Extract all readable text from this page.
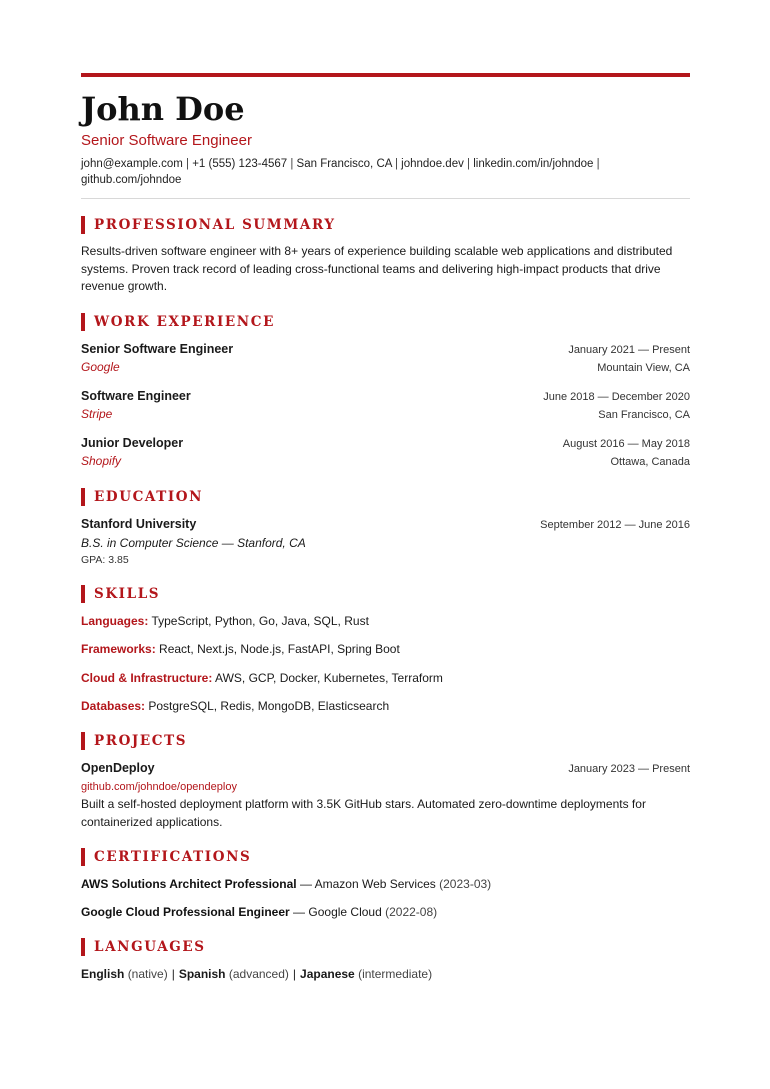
John Doe
Senior Software Engineer
john@example.com | +1 (555) 123-4567 | San Francisco, CA | johndoe.dev | linkedin.com/in/johndoe |
github.com/johndoe
PROFESSIONAL SUMMARY
Results-driven software engineer with 8+ years of experience building scalable web applications and distributed systems. Proven track record of leading cross-functional teams and delivering high-impact products that drive revenue growth.
WORK EXPERIENCE
Senior Software Engineer	January 2021 — Present
Google	Mountain View, CA
Software Engineer	June 2018 — December 2020
Stripe	San Francisco, CA
Junior Developer	August 2016 — May 2018
Shopify	Ottawa, Canada
EDUCATION
Stanford University	September 2012 — June 2016
B.S. in Computer Science — Stanford, CA
GPA: 3.85
SKILLS
Languages: TypeScript, Python, Go, Java, SQL, Rust
Frameworks: React, Next.js, Node.js, FastAPI, Spring Boot
Cloud & Infrastructure: AWS, GCP, Docker, Kubernetes, Terraform
Databases: PostgreSQL, Redis, MongoDB, Elasticsearch
PROJECTS
OpenDeploy	January 2023 — Present
github.com/johndoe/opendeploy
Built a self-hosted deployment platform with 3.5K GitHub stars. Automated zero-downtime deployments for containerized applications.
CERTIFICATIONS
AWS Solutions Architect Professional — Amazon Web Services (2023-03)
Google Cloud Professional Engineer — Google Cloud (2022-08)
LANGUAGES
English (native) | Spanish (advanced) | Japanese (intermediate)
